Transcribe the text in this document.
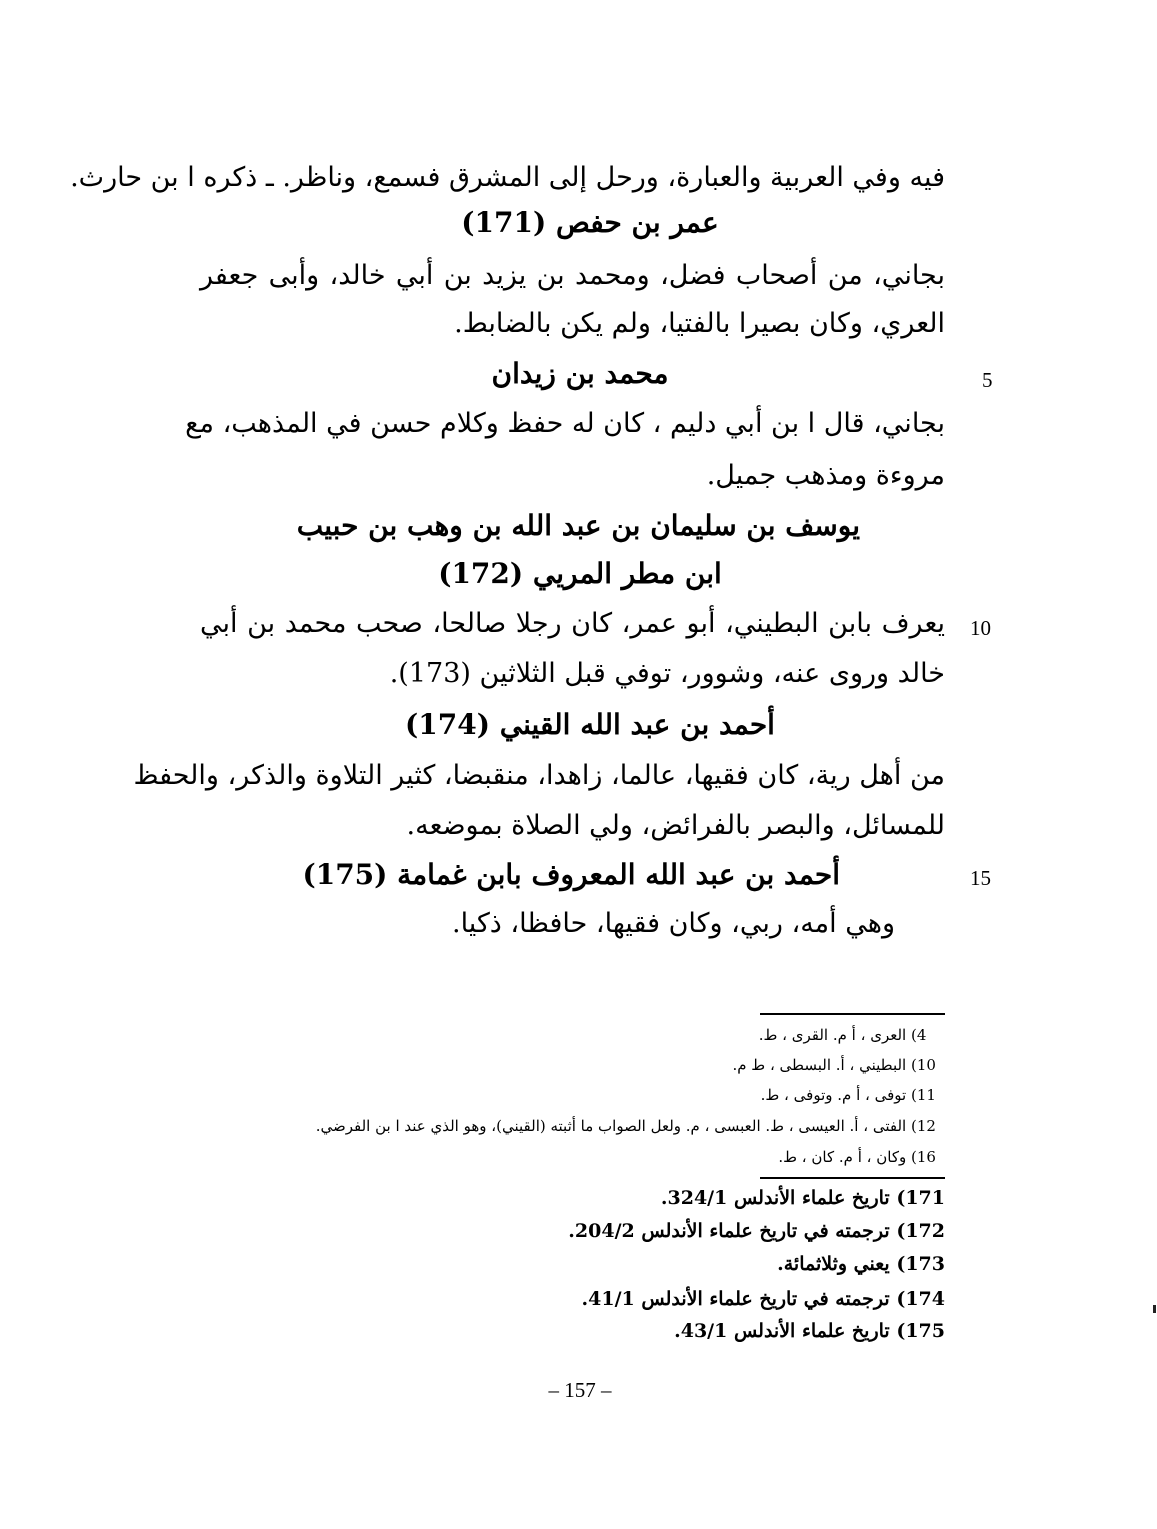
فيه وفي العربية والعبارة، ورحل إلى المشرق فسمع، وناظر. ـ ذكره ا بن حارث.
عمر بن حفص (171)
بجاني، من أصحاب فضل، ومحمد بن يزيد بن أبي خالد، وأبى جعفر
العري، وكان بصيرا بالفتيا، ولم يكن بالضابط.
محمد بن زيدان	5
بجاني، قال ا بن أبي دليم ، كان له حفظ وكلام حسن في المذهب، مع
مروءة ومذهب جميل.
يوسف بن سليمان بن عبد الله بن وهب بن حبيب
ابن مطر المريي (172)
يعرف بابن البطيني، أبو عمر، كان رجلا صالحا، صحب محمد بن أبي 10
خالد وروى عنه، وشوور، توفي قبل الثلاثين (173).
أحمد بن عبد الله القيني (174)
من أهل رية، كان فقيها، عالما، زاهدا، منقبضا، كثير التلاوة والذكر، والحفظ
للمسائل، والبصر بالفرائض، ولي الصلاة بموضعه.
أحمد بن عبد الله المعروف بابن غمامة (175)	15
وهي أمه، ربي، وكان فقيها، حافظا، ذكيا.
4) العرى ، أ م. القرى ، ط.
10) البطيني ، أ. البسطى ، ط م.
11) توفى ، أ م. وتوفى ، ط.
12) الفتى ، أ. العيسى ، ط. العبسى ، م. ولعل الصواب ما أثبته (القيني)، وهو الذي عند ا بن الفرضي.
16) وكان ، أ م. كان ، ط.
171) تاريخ علماء الأندلس 324/1.
172) ترجمته في تاريخ علماء الأندلس 204/2.
173) يعني وثلاثمائة.
174) ترجمته في تاريخ علماء الأندلس 41/1.
175) تاريخ علماء الأندلس 43/1.
– 157 –
